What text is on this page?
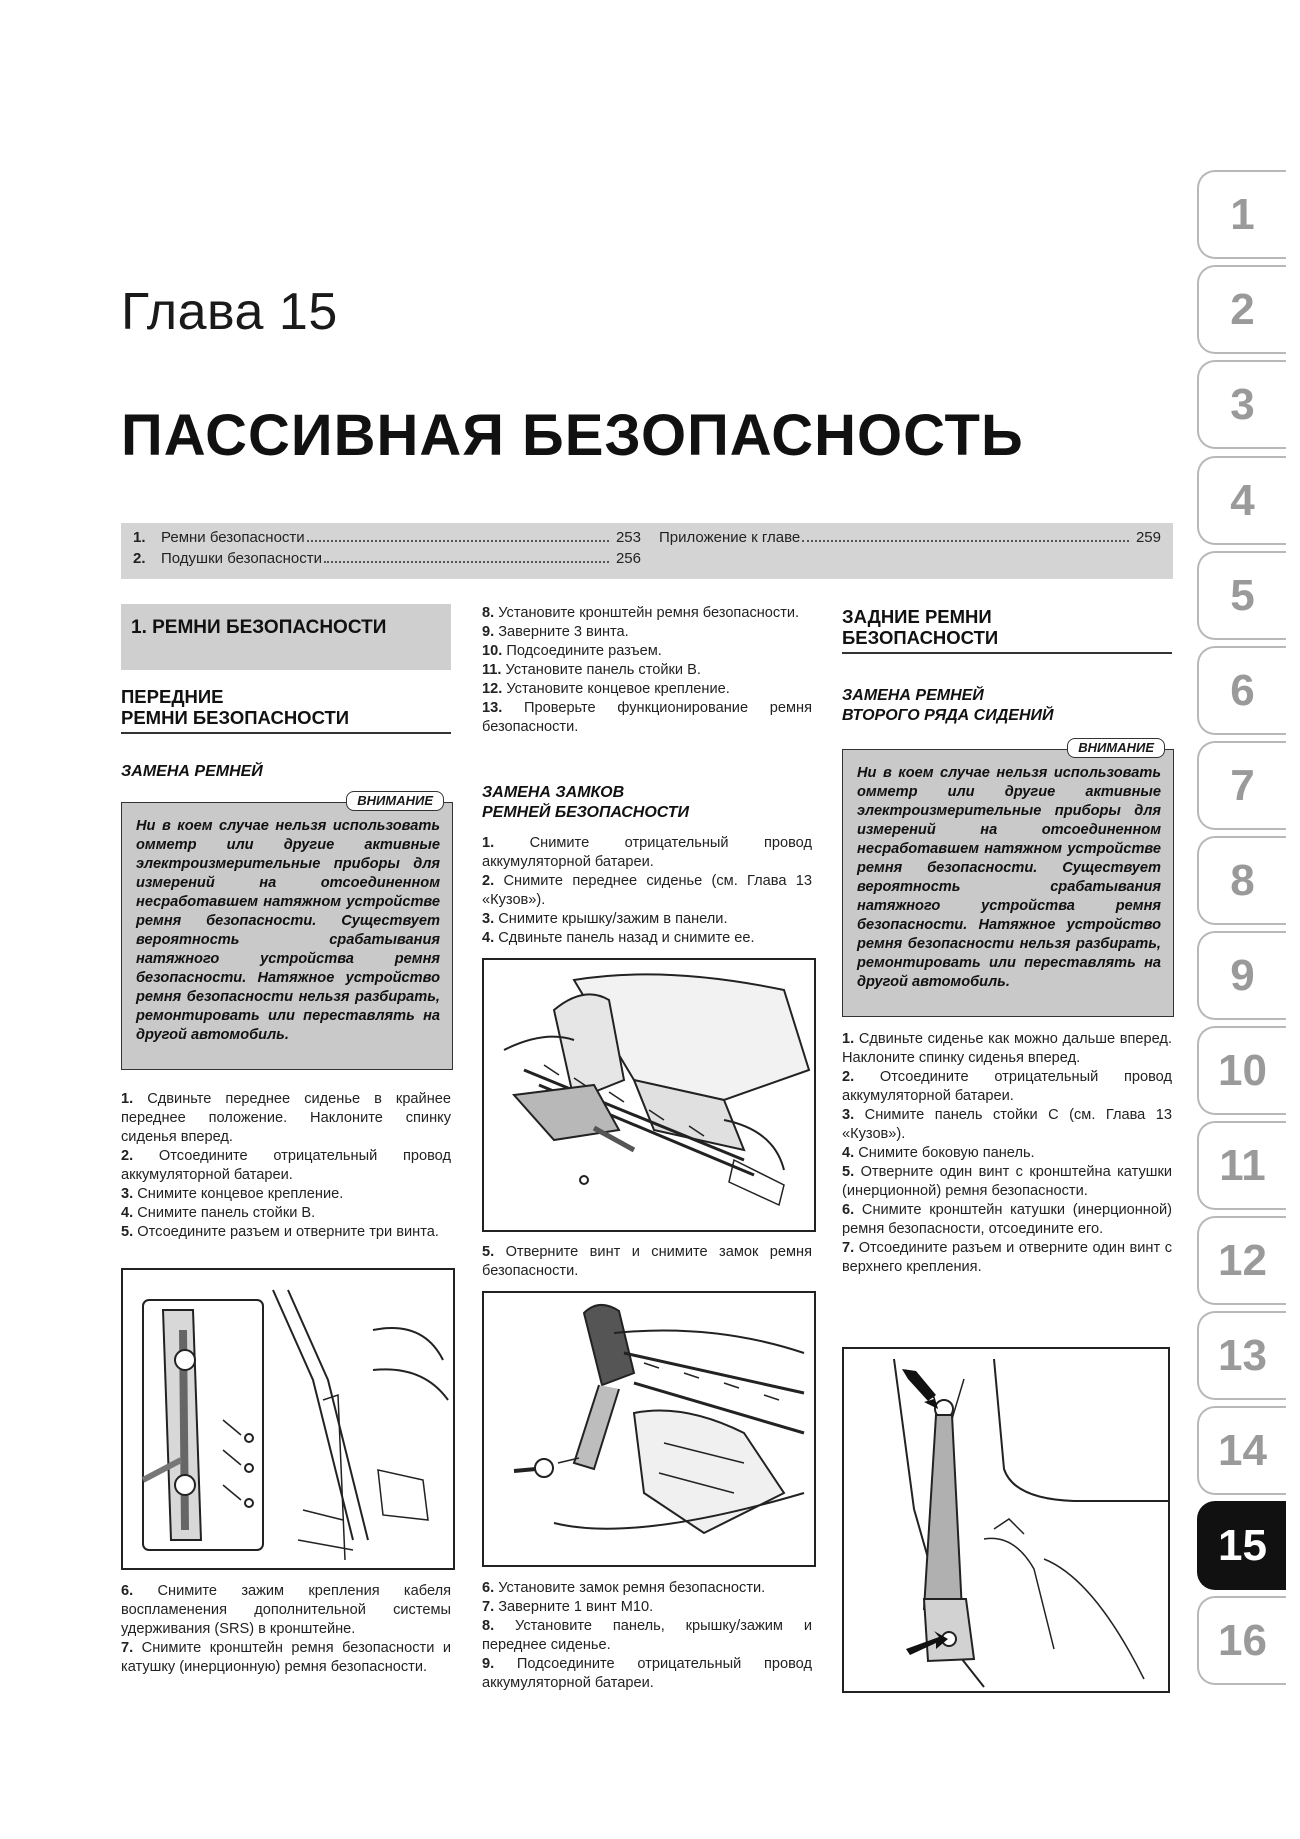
Глава 15
ПАССИВНАЯ БЕЗОПАСНОСТЬ
1.	Ремни безопасности	253
2.	Подушки безопасности	256
Приложение к главе	259
1. РЕМНИ БЕЗОПАСНОСТИ
ПЕРЕДНИЕ
РЕМНИ БЕЗОПАСНОСТИ
ЗАМЕНА РЕМНЕЙ
ВНИМАНИЕ
Ни в коем случае нельзя использовать омметр или другие активные электроизмерительные приборы для измерений на отсоединенном несработавшем натяжном устройстве ремня безопасности. Существует вероятность срабатывания натяжного устройства ремня безопасности. Натяжное устройство ремня безопасности нельзя разбирать, ремонтировать или переставлять на другой автомобиль.

1. Сдвиньте переднее сиденье в крайнее переднее положение. Наклоните спинку сиденья вперед.

2. Отсоедините отрицательный провод аккумуляторной батареи.

3. Снимите концевое крепление.

4. Снимите панель стойки B.

5. Отсоедините разъем и отверните три винта.

6. Снимите зажим крепления кабеля воспламенения дополнительной системы удерживания (SRS) в кронштейне.

7. Снимите кронштейн ремня безопасности и катушку (инерционную) ремня безопасности.

8. Установите кронштейн ремня безопасности.

9. Заверните 3 винта.

10. Подсоедините разъем.

11. Установите панель стойки B.

12. Установите концевое крепление.

13. Проверьте функционирование ремня безопасности.

ЗАМЕНА ЗАМКОВ
РЕМНЕЙ БЕЗОПАСНОСТИ

1. Снимите отрицательный провод аккумуляторной батареи.

2. Снимите переднее сиденье (см. Глава 13 «Кузов»).

3. Снимите крышку/зажим в панели.

4. Сдвиньте панель назад и снимите ее.

5. Отверните винт и снимите замок ремня безопасности.

6. Установите замок ремня безопасности.

7. Заверните 1 винт M10.

8. Установите панель, крышку/зажим и переднее сиденье.

9. Подсоедините отрицательный провод аккумуляторной батареи.

ЗАДНИЕ РЕМНИ
БЕЗОПАСНОСТИ
ЗАМЕНА РЕМНЕЙ
ВТОРОГО РЯДА СИДЕНИЙ
ВНИМАНИЕ
Ни в коем случае нельзя использовать омметр или другие активные электроизмерительные приборы для измерений на отсоединенном несработавшем натяжном устройстве ремня безопасности. Существует вероятность срабатывания натяжного устройства ремня безопасности. Натяжное устройство ремня безопасности нельзя разбирать, ремонтировать или переставлять на другой автомобиль.

1. Сдвиньте сиденье как можно дальше вперед. Наклоните спинку сиденья вперед.

2. Отсоедините отрицательный провод аккумуляторной батареи.

3. Снимите панель стойки C (см. Глава 13 «Кузов»).

4. Снимите боковую панель.

5. Отверните один винт с кронштейна катушки (инерционной) ремня безопасности.

6. Снимите кронштейн катушки (инерционной) ремня безопасности, отсоедините его.

7. Отсоедините разъем и отверните один винт с верхнего крепления.

1
2
3
4
5
6
7
8
9
10
11
12
13
14
15
16
